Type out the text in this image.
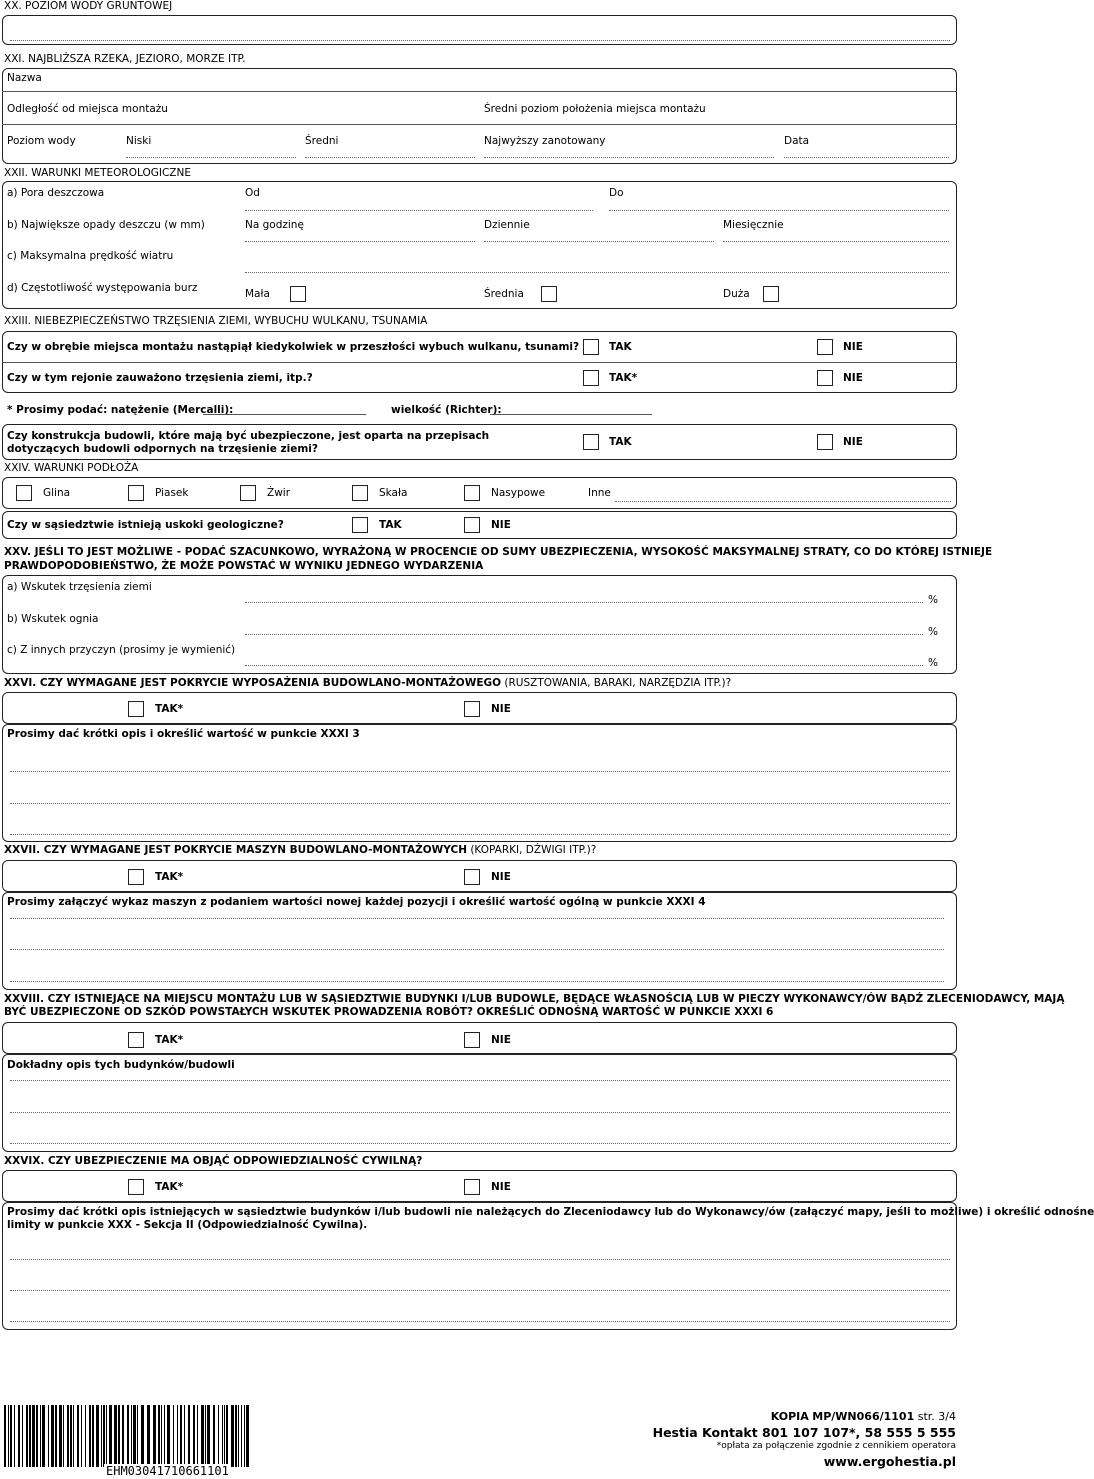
XX. POZIOM WODY GRUNTOWEJ
XXI. NAJBLIŻSZA RZEKA, JEZIORO, MORZE ITP.
Nazwa
Odległość od miejsca montażu	Średni poziom położenia miejsca montażu
Poziom wody	Niski	Średni	Najwyższy zanotowany	Data
XXII. WARUNKI METEOROLOGICZNE
a) Pora deszczowa	Od	Do
b) Największe opady deszczu (w mm)	Na godzinę	Dziennie	Miesięcznie
c) Maksymalna prędkość wiatru
d) Częstotliwość występowania burz	Mała	Średnia	Duża
XXIII. NIEBEZPIECZEŃSTWO TRZĘSIENIA ZIEMI, WYBUCHU WULKANU, TSUNAMIA
Czy w obrębie miejsca montażu nastąpiął kiedykolwiek w przeszłości wybuch wulkanu, tsunami?	TAK	NIE
Czy w tym rejonie zauważono trzęsienia ziemi, itp.?	TAK*	NIE
* Prosimy podać: natężenie (Mercalli):	wielkość (Richter):
Czy konstrukcja budowli, które mają być ubezpieczone, jest oparta na przepisach
dotyczących budowli odpornych na trzęsienie ziemi?
TAK	NIE
XXIV. WARUNKI PODŁOŻA
Glina	Piasek	Żwir	Skała	Nasypowe	Inne
Czy w sąsiedztwie istnieją uskoki geologiczne?	TAK	NIE
XXV. JEŚLI TO JEST MOŻLIWE - PODAĆ SZACUNKOWO, WYRAŻONĄ W PROCENCIE OD SUMY UBEZPIECZENIA, WYSOKOŚĆ MAKSYMALNEJ STRATY, CO DO KTÓREJ ISTNIEJE
PRAWDOPODOBIEŃSTWO, ŻE MOŻE POWSTAĆ W WYNIKU JEDNEGO WYDARZENIA
a) Wskutek trzęsienia ziemi
%
b) Wskutek ognia
%
c) Z innych przyczyn (prosimy je wymienić)
%
XXVI. CZY WYMAGANE JEST POKRYCIE WYPOSAŻENIA BUDOWLANO-MONTAŻOWEGO (RUSZTOWANIA, BARAKI, NARZĘDZIA ITP.)?
TAK*	NIE
Prosimy dać krótki opis i określić wartość w punkcie XXXI 3
XXVII. CZY WYMAGANE JEST POKRYCIE MASZYN BUDOWLANO-MONTAŻOWYCH (KOPARKI, DŹWIGI ITP.)?
TAK*	NIE
Prosimy załączyć wykaz maszyn z podaniem wartości nowej każdej pozycji i określić wartość ogólną w punkcie XXXI 4
XXVIII. CZY ISTNIEJĄCE NA MIEJSCU MONTAŻU LUB W SĄSIEDZTWIE BUDYNKI I/LUB BUDOWLE, BĘDĄCE WŁASNOŚCIĄ LUB W PIECZY WYKONAWCY/ÓW BĄDŹ ZLECENIODAWCY, MAJĄ
BYĆ UBEZPIECZONE OD SZKÓD POWSTAŁYCH WSKUTEK PROWADZENIA ROBÓT? OKREŚLIĆ ODNOŚNĄ WARTOŚĆ W PUNKCIE XXXI 6
TAK*	NIE
Dokładny opis tych budynków/budowli
XXVIX. CZY UBEZPIECZENIE MA OBJĄĆ ODPOWIEDZIALNOŚĆ CYWILNĄ?
TAK*	NIE
Prosimy dać krótki opis istniejących w sąsiedztwie budynków i/lub budowli nie należących do Zleceniodawcy lub do Wykonawcy/ów (załączyć mapy, jeśli to możliwe) i określić odnośne
limity w punkcie XXX - Sekcja II (Odpowiedzialność Cywilna).
EHM03041710661101
KOPIA MP/WN066/1101 str. 3/4
Hestia Kontakt 801 107 107*, 58 555 5 555
*opłata za połączenie zgodnie z cennikiem operatora
www.ergohestia.pl
